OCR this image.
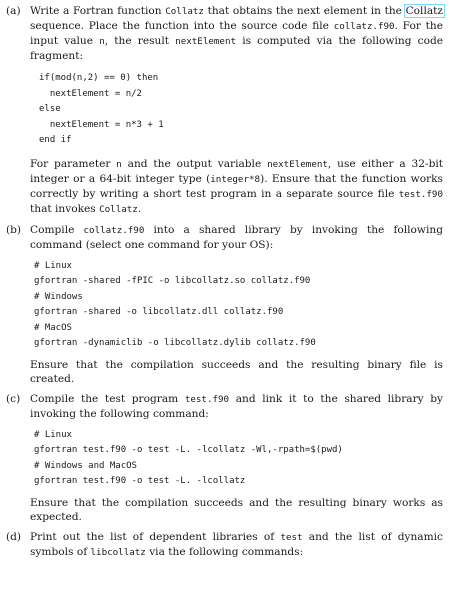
(a) Write a Fortran function Collatz that obtains the next element in the Collatz sequence. Place the function into the source code file collatz.f90. For the input value n, the result nextElement is computed via the following code fragment:

if(mod(n,2) == 0) then
nextElement = n/2
else
nextElement = n*3 + 1
end if

For parameter n and the output variable nextElement, use either a 32-bit integer or a 64-bit integer type (integer*8). Ensure that the function works correctly by writing a short test program in a separate source file test.f90 that invokes Collatz.

(b) Compile collatz.f90 into a shared library by invoking the following command (select one command for your OS):

# Linux
gfortran -shared -fPIC -o libcollatz.so collatz.f90
# Windows
gfortran -shared -o libcollatz.dll collatz.f90
# MacOS
gfortran -dynamiclib -o libcollatz.dylib collatz.f90

Ensure that the compilation succeeds and the resulting binary file is created.

(c) Compile the test program test.f90 and link it to the shared library by invoking the following command:

# Linux
gfortran test.f90 -o test -L. -lcollatz -Wl,-rpath=$(pwd)
# Windows and MacOS
gfortran test.f90 -o test -L. -lcollatz

Ensure that the compilation succeeds and the resulting binary works as expected.

(d) Print out the list of dependent libraries of test and the list of dynamic symbols of libcollatz via the following commands:
